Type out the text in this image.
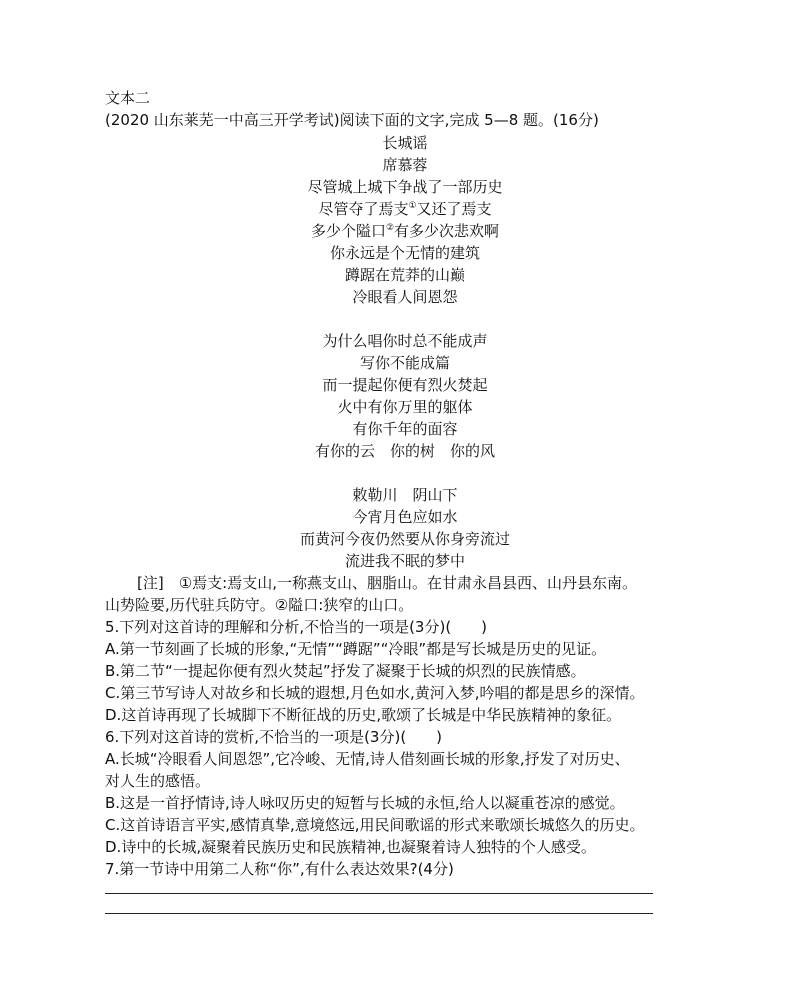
文本二
(2020 山东莱芜一中高三开学考试)阅读下面的文字,完成 5—8 题。(16分)
长城谣
席慕蓉
尽管城上城下争战了一部历史
尽管夺了焉支①又还了焉支
多少个隘口②有多少次悲欢啊
你永远是个无情的建筑
蹲踞在荒莽的山巅
冷眼看人间恩怨
为什么唱你时总不能成声
写你不能成篇
而一提起你便有烈火焚起
火中有你万里的躯体
有你千年的面容
有你的云　你的树　你的风
敕勒川　阴山下
今宵月色应如水
而黄河今夜仍然要从你身旁流过
流进我不眠的梦中
[注]　①焉支:焉支山,一称燕支山、胭脂山。在甘肃永昌县西、山丹县东南。
山势险要,历代驻兵防守。②隘口:狭窄的山口。
5.下列对这首诗的理解和分析,不恰当的一项是(3分)(　　)
A.第一节刻画了长城的形象,“无情”“蹲踞”“冷眼”都是写长城是历史的见证。
B.第二节“一提起你便有烈火焚起”抒发了凝聚于长城的炽烈的民族情感。
C.第三节写诗人对故乡和长城的遐想,月色如水,黄河入梦,吟唱的都是思乡的深情。
D.这首诗再现了长城脚下不断征战的历史,歌颂了长城是中华民族精神的象征。
6.下列对这首诗的赏析,不恰当的一项是(3分)(　　)
A.长城“冷眼看人间恩怨”,它冷峻、无情,诗人借刻画长城的形象,抒发了对历史、
对人生的感悟。
B.这是一首抒情诗,诗人咏叹历史的短暂与长城的永恒,给人以凝重苍凉的感觉。
C.这首诗语言平实,感情真挚,意境悠远,用民间歌谣的形式来歌颂长城悠久的历史。
D.诗中的长城,凝聚着民族历史和民族精神,也凝聚着诗人独特的个人感受。
7.第一节诗中用第二人称“你”,有什么表达效果?(4分)
